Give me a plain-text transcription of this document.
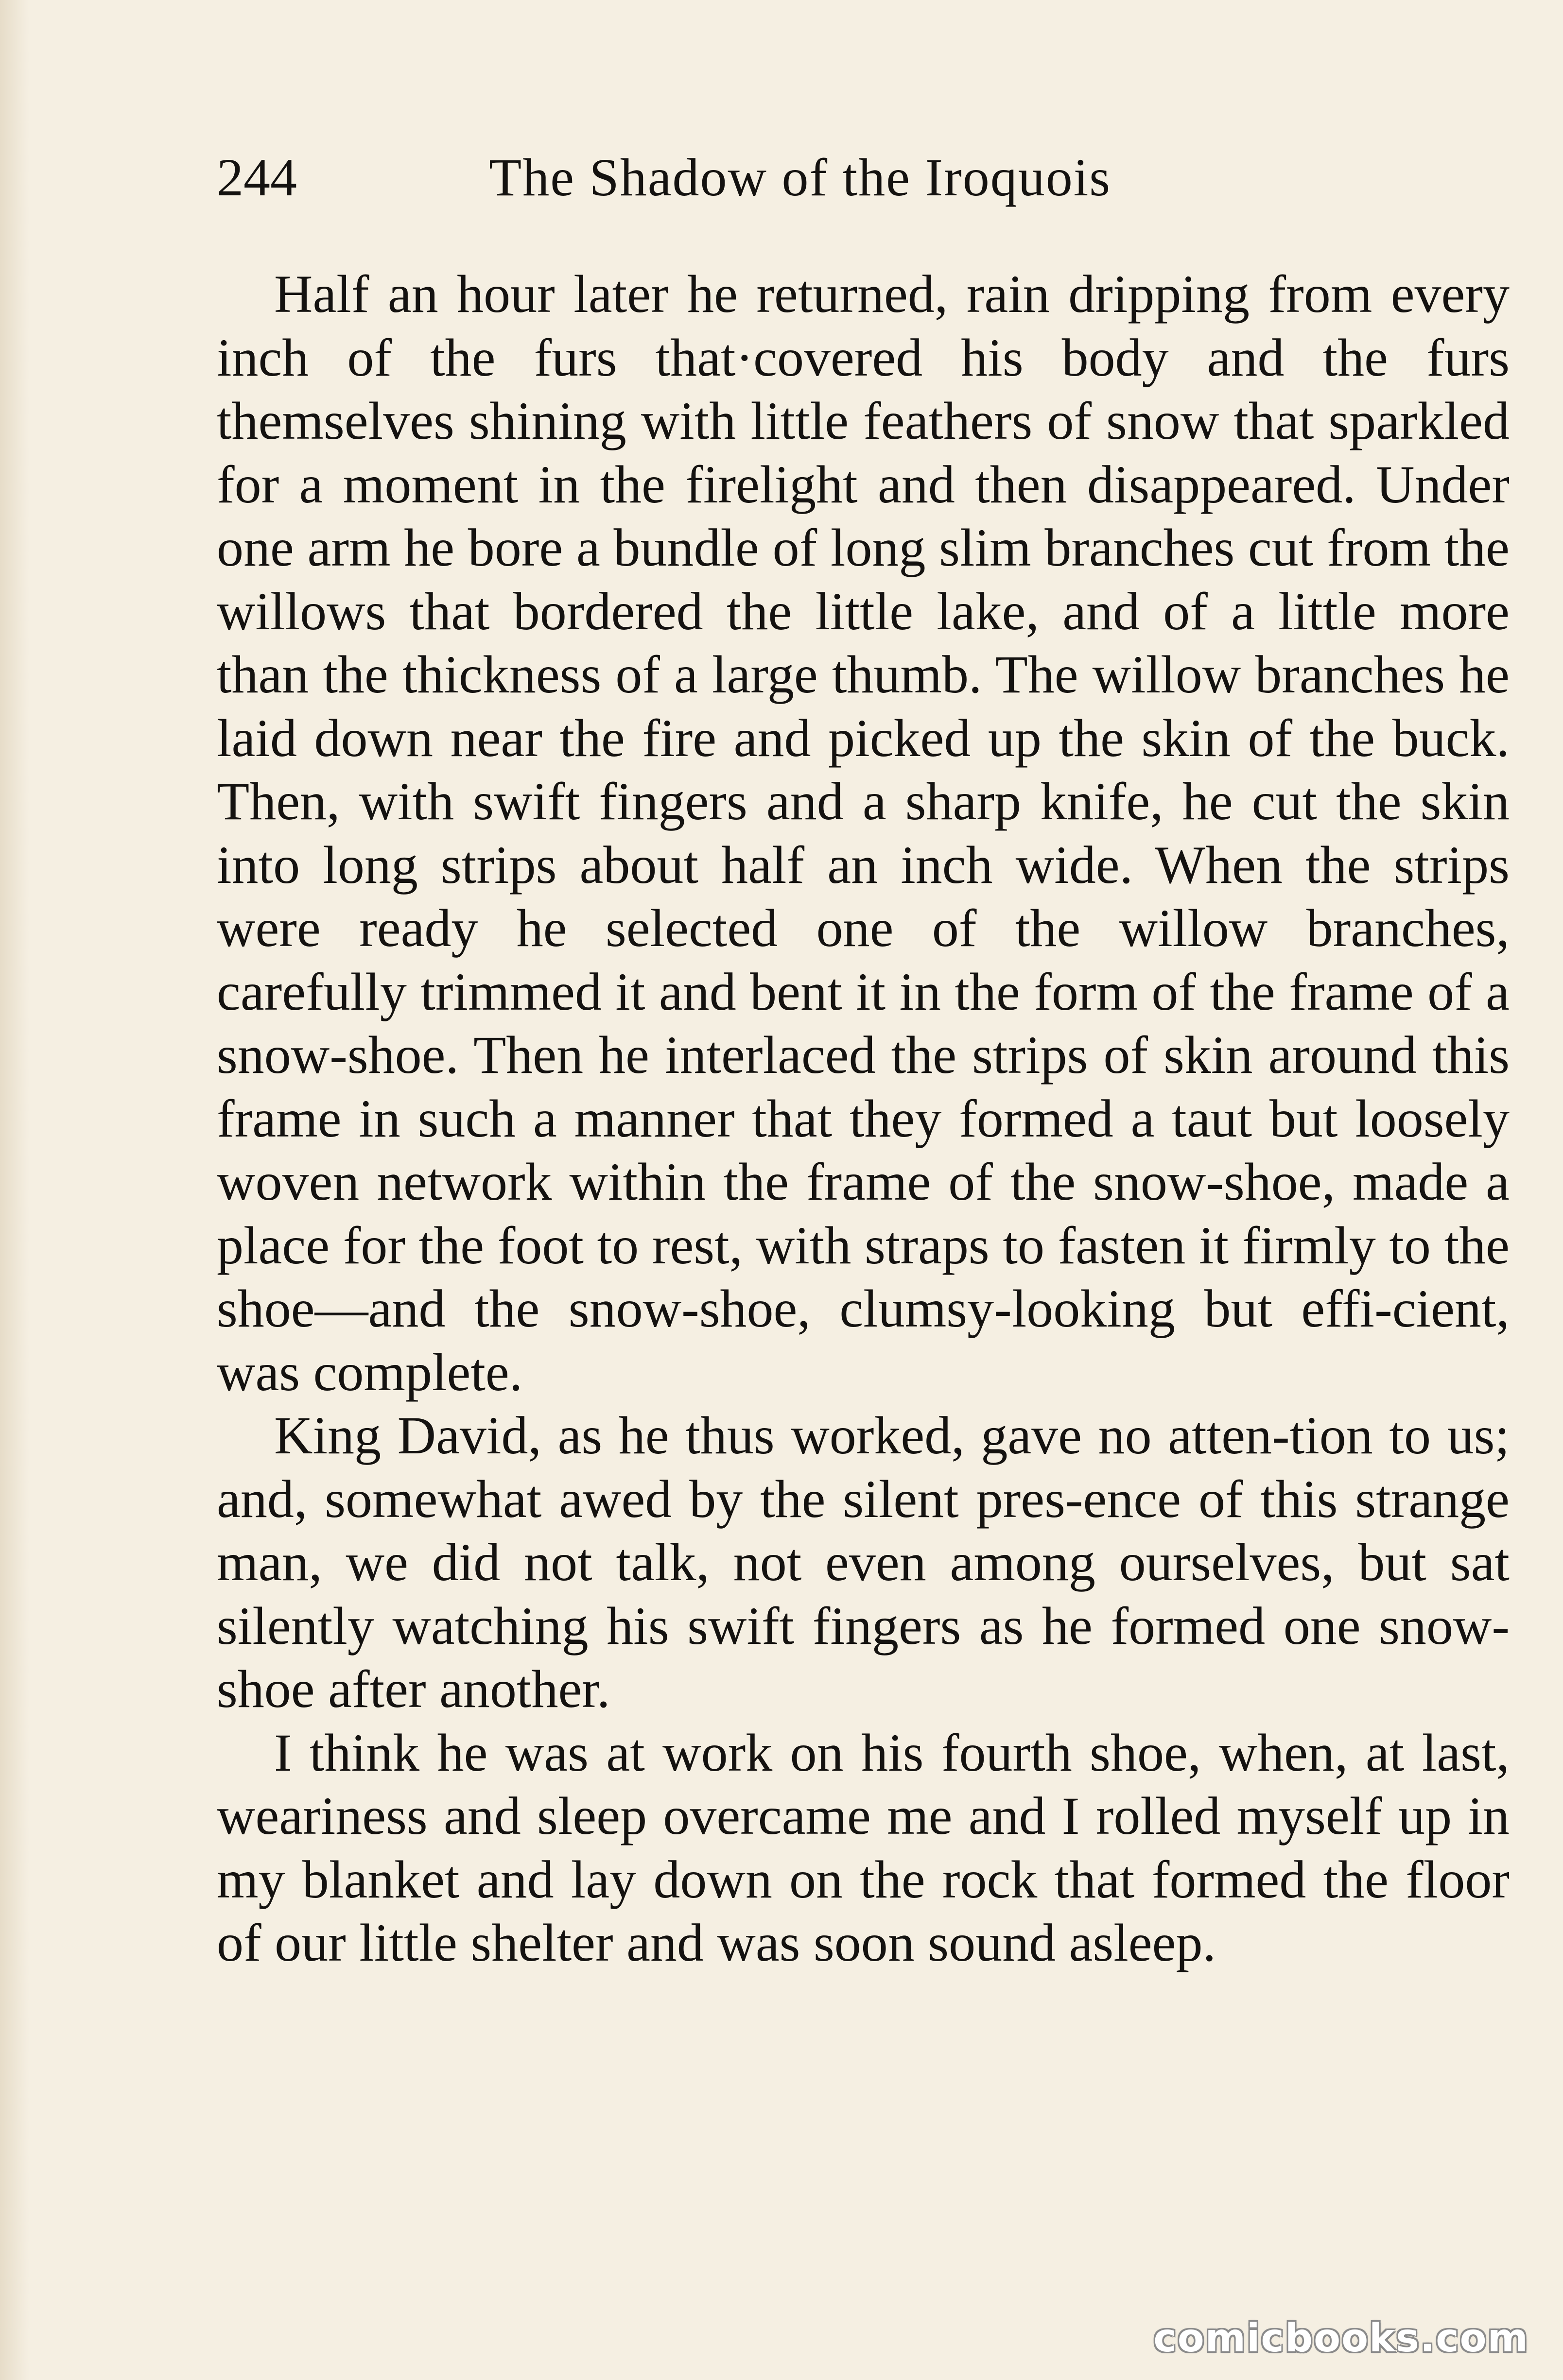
244	The Shadow of the Iroquois

Half an hour later he returned, rain dripping from every inch of the furs that·covered his body and the furs themselves shining with little feathers of snow that sparkled for a moment in the firelight and then disappeared. Under one arm he bore a bundle of long slim branches cut from the willows that bordered the little lake, and of a little more than the thickness of a large thumb. The willow branches he laid down near the fire and picked up the skin of the buck. Then, with swift fingers and a sharp knife, he cut the skin into long strips about half an inch wide. When the strips were ready he selected one of the willow branches, carefully trimmed it and bent it in the form of the frame of a snow-shoe. Then he interlaced the strips of skin around this frame in such a manner that they formed a taut but loosely woven network within the frame of the snow-shoe, made a place for the foot to rest, with straps to fasten it firmly to the shoe—and the snow-shoe, clumsy-looking but effi-cient, was complete.

King David, as he thus worked, gave no atten-tion to us; and, somewhat awed by the silent pres-ence of this strange man, we did not talk, not even among ourselves, but sat silently watching his swift fingers as he formed one snow-shoe after another.

I think he was at work on his fourth shoe, when, at last, weariness and sleep overcame me and I rolled myself up in my blanket and lay down on the rock that formed the floor of our little shelter and was soon sound asleep.

comicbooks.com
